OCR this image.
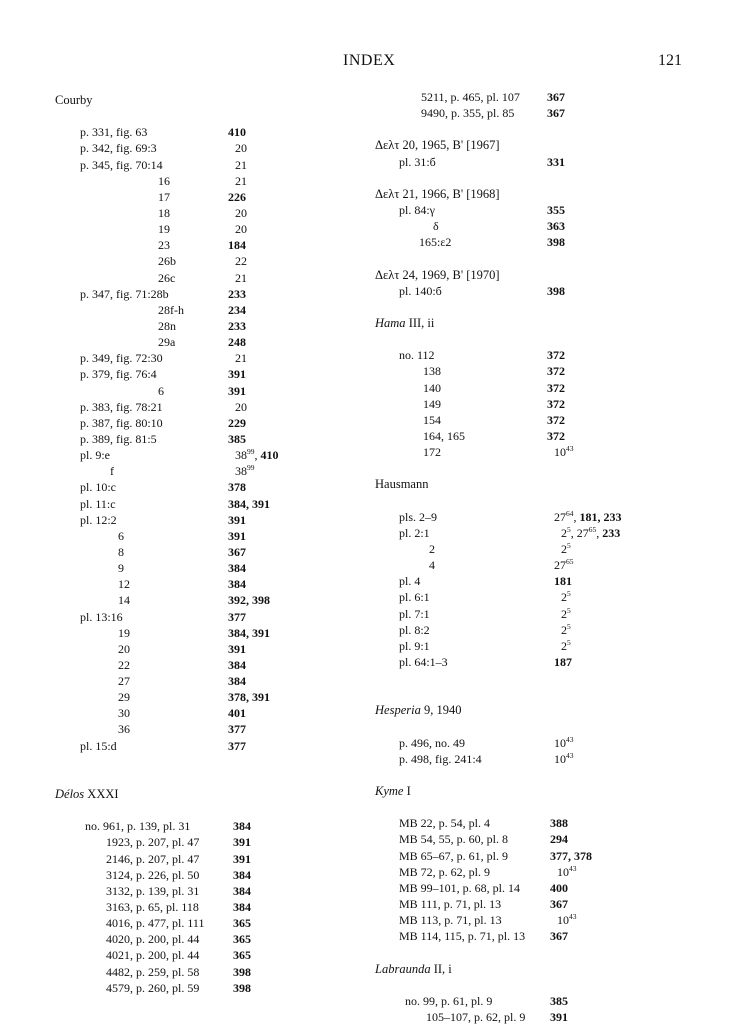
INDEX	121
Courby
p. 331, fig. 63	410
p. 342, fig. 69:3	20
p. 345, fig. 70:14	21
16	21
17	226
18	20
19	20
23	184
26b	22
26c	21
p. 347, fig. 71:28b	233
28f-h	234
28n	233
29a	248
p. 349, fig. 72:30	21
p. 379, fig. 76:4	391
6	391
p. 383, fig. 78:21	20
p. 387, fig. 80:10	229
p. 389, fig. 81:5	385
pl. 9:e	$38^{99}$, 410
f	$38^{99}$
pl. 10:c	378
pl. 11:c	384, 391
pl. 12:2	391
6	391
8	367
9	384
12	384
14	392, 398
pl. 13:16	377
19	384, 391
20	391
22	384
27	384
29	378, 391
30	401
36	377
pl. 15:d	377
Délos XXXI
no. 961, p. 139, pl. 31	384
1923, p. 207, pl. 47	391
2146, p. 207, pl. 47	391
3124, p. 226, pl. 50	384
3132, p. 139, pl. 31	384
3163, p. 65, pl. 118	384
4016, p. 477, pl. 111	365
4020, p. 200, pl. 44	365
4021, p. 200, pl. 44	365
4482, p. 259, pl. 58	398
4579, p. 260, pl. 59	398
5211, p. 465, pl. 107	367
9490, p. 355, pl. 85	367
Δελτ 20, 1965, Β' [1967]
pl. 31:б	331
Δελτ 21, 1966, Β' [1968]
pl. 84:γ	355
δ	363
165:ε2	398
Δελτ 24, 1969, Β' [1970]
pl. 140:б	398
Hama III, ii
no. 112	372
138	372
140	372
149	372
154	372
164, 165	372
172	$10^{43}$
Hausmann
pls. 2–9	$27^{64}$, 181, 233
pl. 2:1	$2^5$, $27^{65}$, 233
2	$2^5$
4	$27^{65}$
pl. 4	181
pl. 6:1	$2^5$
pl. 7:1	$2^5$
pl. 8:2	$2^5$
pl. 9:1	$2^5$
pl. 64:1–3	187
Hesperia 9, 1940
p. 496, no. 49	$10^{43}$
p. 498, fig. 241:4	$10^{43}$
Kyme I
MB 22, p. 54, pl. 4	388
MB 54, 55, p. 60, pl. 8	294
MB 65–67, p. 61, pl. 9	377, 378
MB 72, p. 62, pl. 9	$10^{43}$
MB 99–101, p. 68, pl. 14	400
MB 111, p. 71, pl. 13	367
MB 113, p. 71, pl. 13	$10^{43}$
MB 114, 115, p. 71, pl. 13	367
Labraunda II, i
no. 99, p. 61, pl. 9	385
105–107, p. 62, pl. 9	391
